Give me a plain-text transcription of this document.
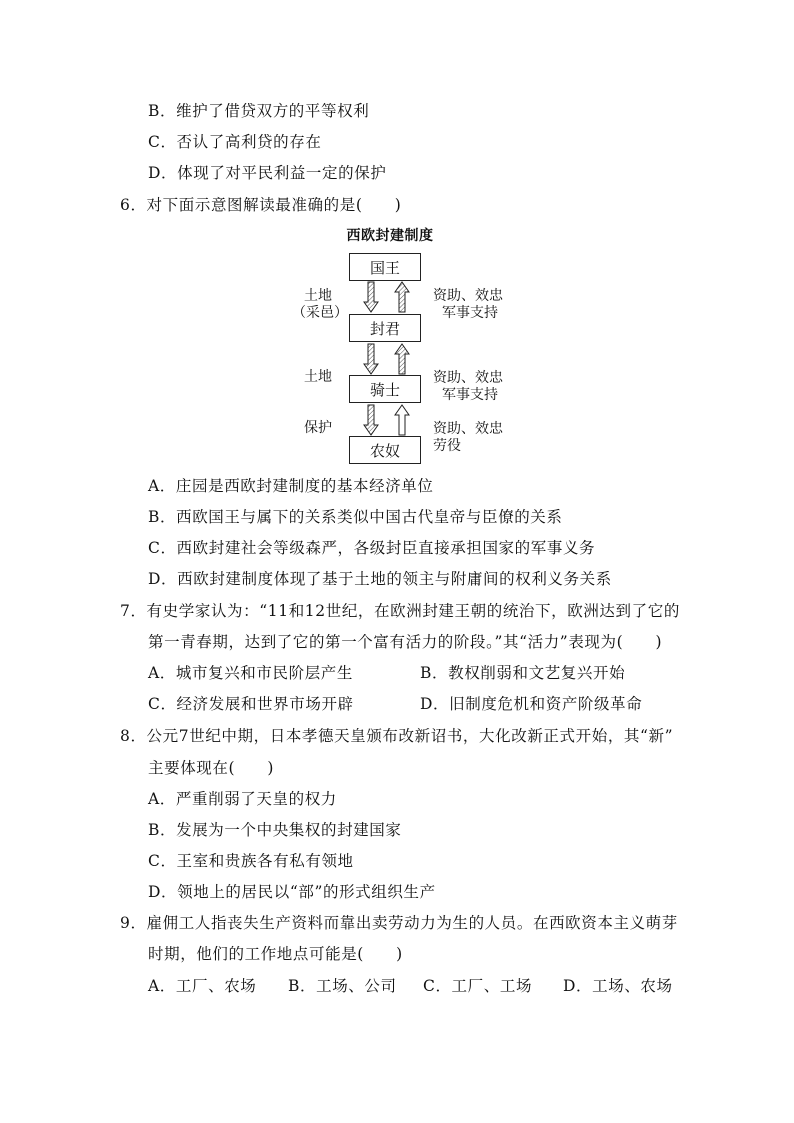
B．维护了借贷双方的平等权利
C．否认了高利贷的存在
D．体现了对平民利益一定的保护
6．对下面示意图解读最准确的是(　　)
西欧封建制度
国王
封君
骑士
农奴
土地
（采邑）
土地
保护
资助、效忠
军事支持
资助、效忠
军事支持
资助、效忠
劳役
A．庄园是西欧封建制度的基本经济单位
B．西欧国王与属下的关系类似中国古代皇帝与臣僚的关系
C．西欧封建社会等级森严，各级封臣直接承担国家的军事义务
D．西欧封建制度体现了基于土地的领主与附庸间的权利义务关系
7．有史学家认为：“11和12世纪，在欧洲封建王朝的统治下，欧洲达到了它的
第一青春期，达到了它的第一个富有活力的阶段。”其“活力”表现为(　　)
A．城市复兴和市民阶层产生	B．教权削弱和文艺复兴开始
C．经济发展和世界市场开辟	D．旧制度危机和资产阶级革命
8．公元7世纪中期，日本孝德天皇颁布改新诏书，大化改新正式开始，其“新”
主要体现在(　　)
A．严重削弱了天皇的权力
B．发展为一个中央集权的封建国家
C．王室和贵族各有私有领地
D．领地上的居民以“部”的形式组织生产
9．雇佣工人指丧失生产资料而靠出卖劳动力为生的人员。在西欧资本主义萌芽
时期，他们的工作地点可能是(　　)
A．工厂、农场 B．工场、公司 C．工厂、工场 D．工场、农场
